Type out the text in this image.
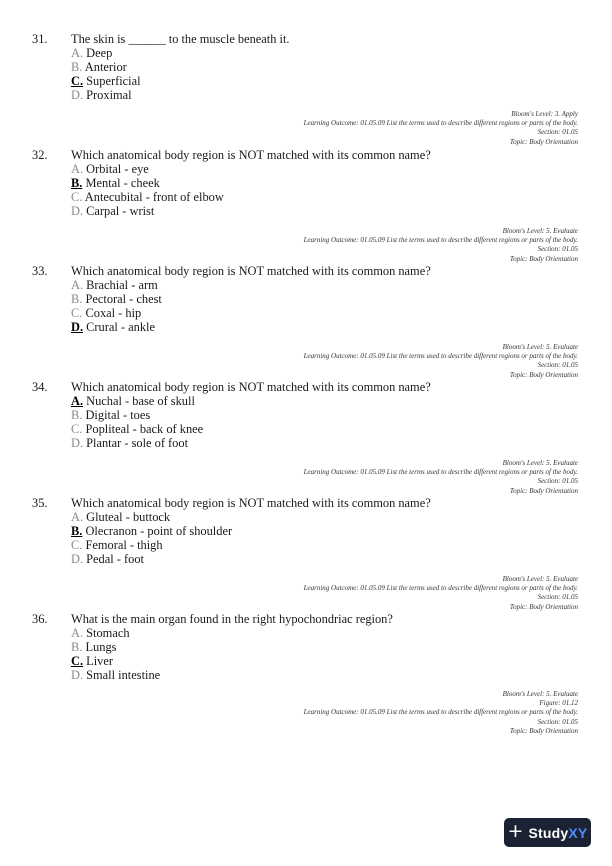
31. The skin is ______ to the muscle beneath it.
A. Deep
B. Anterior
C. Superficial
D. Proximal
Bloom's Level: 3. Apply
Learning Outcome: 01.05.09 List the terms used to describe different regions or parts of the body.
Section: 01.05
Topic: Body Orientation
32. Which anatomical body region is NOT matched with its common name?
A. Orbital - eye
B. Mental - cheek
C. Antecubital - front of elbow
D. Carpal - wrist
Bloom's Level: 5. Evaluate
Learning Outcome: 01.05.09 List the terms used to describe different regions or parts of the body.
Section: 01.05
Topic: Body Orientation
33. Which anatomical body region is NOT matched with its common name?
A. Brachial - arm
B. Pectoral - chest
C. Coxal - hip
D. Crural - ankle
Bloom's Level: 5. Evaluate
Learning Outcome: 01.05.09 List the terms used to describe different regions or parts of the body.
Section: 01.05
Topic: Body Orientation
34. Which anatomical body region is NOT matched with its common name?
A. Nuchal - base of skull
B. Digital - toes
C. Popliteal - back of knee
D. Plantar - sole of foot
Bloom's Level: 5. Evaluate
Learning Outcome: 01.05.09 List the terms used to describe different regions or parts of the body.
Section: 01.05
Topic: Body Orientation
35. Which anatomical body region is NOT matched with its common name?
A. Gluteal - buttock
B. Olecranon - point of shoulder
C. Femoral - thigh
D. Pedal - foot
Bloom's Level: 5. Evaluate
Learning Outcome: 01.05.09 List the terms used to describe different regions or parts of the body.
Section: 01.05
Topic: Body Orientation
36. What is the main organ found in the right hypochondriac region?
A. Stomach
B. Lungs
C. Liver
D. Small intestine
Bloom's Level: 5. Evaluate
Figure: 01.12
Learning Outcome: 01.05.09 List the terms used to describe different regions or parts of the body.
Section: 01.05
Topic: Body Orientation
+ StudyXY
